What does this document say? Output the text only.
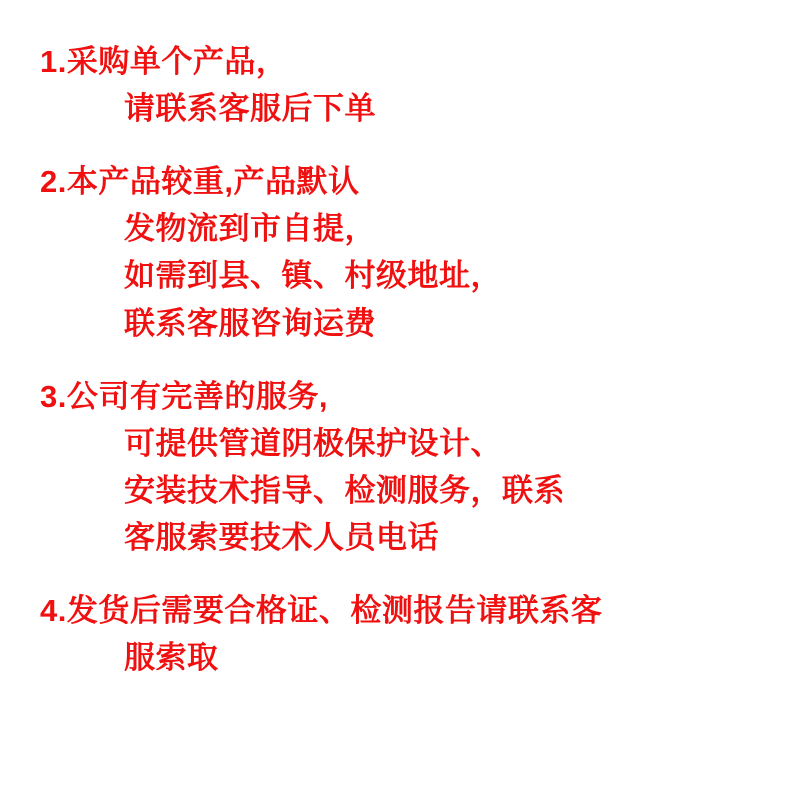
1.采购单个产品，
请联系客服后下单
2.本产品较重,产品默认
发物流到市自提，
如需到县、镇、村级地址，
联系客服咨询运费
3.公司有完善的服务,
可提供管道阴极保护设计、
安装技术指导、检测服务，联系
客服索要技术人员电话
4.发货后需要合格证、检测报告请联系客
服索取
